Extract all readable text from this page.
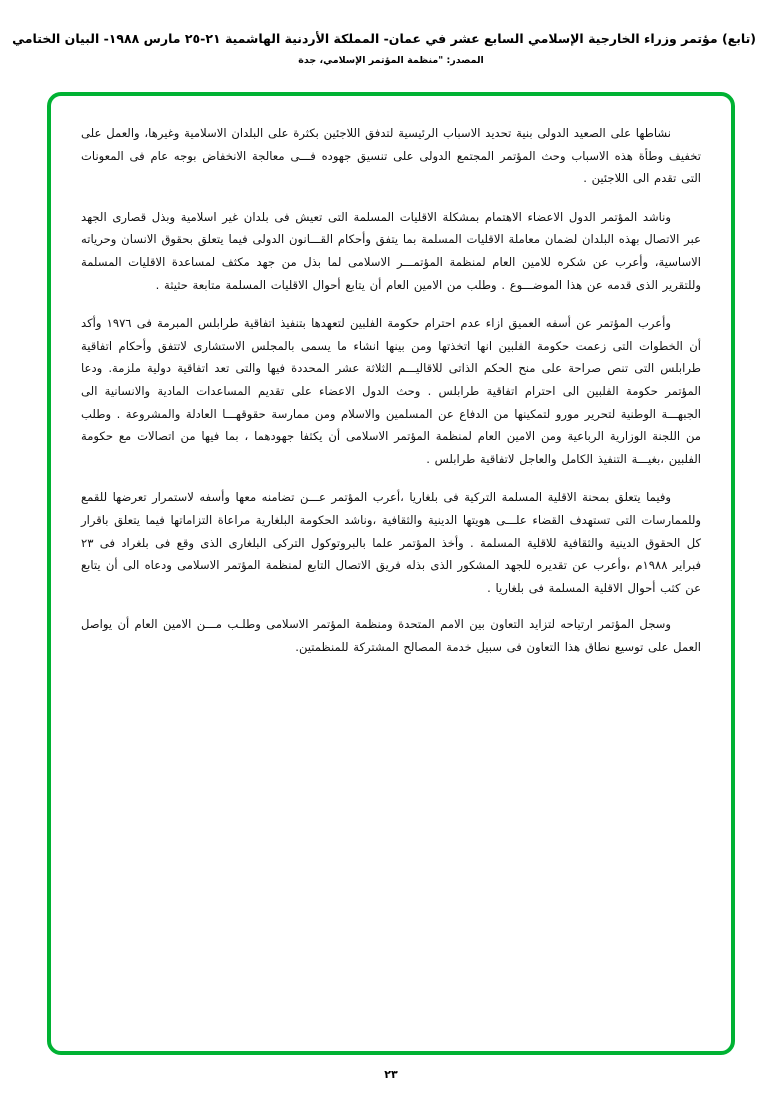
(تابع) مؤتمر وزراء الخارجية الإسلامي السابع عشر في عمان- المملكة الأردنية الهاشمية ٢١-٢٥ مارس ١٩٨٨- البيان الختامي
المصدر: "منظمة المؤتمر الإسلامي، جدة

نشاطها على الصعيد الدولى بنية تحديد الاسباب الرئيسية لتدفق اللاجئين بكثرة على البلدان الاسلامية وغيرها، والعمل على تخفيف وطأة هذه الاسباب وحث المؤتمر المجتمع الدولى على تنسيق جهوده فـــى معالجة الانخفاض بوجه عام فى المعونات التى تقدم الى اللاجئين .

وناشد المؤتمر الدول الاعضاء الاهتمام بمشكلة الاقليات المسلمة التى تعيش فى بلدان غير اسلامية وبذل قصارى الجهد عبر الاتصال بهذه البلدان لضمان معاملة الاقليات المسلمة بما يتفق وأحكام القـــانون الدولى فيما يتعلق بحقوق الانسان وحرياته الاساسية، وأعرب عن شكره للامين العام لمنظمة المؤتمـــر الاسلامى لما بذل من جهد مكثف لمساعدة الاقليات المسلمة وللتقرير الذى قدمه عن هذا الموضـــوع . وطلب من الامين العام أن يتابع أحوال الاقليات المسلمة متابعة حثيثة .

وأعرب المؤتمر عن أسفه العميق ازاء عدم احترام حكومة الفلبين لتعهدها بتنفيذ اتفاقية طرابلس المبرمة فى ١٩٧٦ وأكد أن الخطوات التى زعمت حكومة الفلبين انها اتخذتها ومن بينها انشاء ما يسمى بالمجلس الاستشارى لاتتفق وأحكام اتفاقية طرابلس التى تنص صراحة على منح الحكم الذاتى للاقاليـــم الثلاثة عشر المحددة فيها والتى تعد اتفاقية دولية ملزمة. ودعا المؤتمر حكومة الفلبين الى احترام اتفاقية طرابلس . وحث الدول الاعضاء على تقديم المساعدات المادية والانسانية الى الجبهـــة الوطنية لتحرير مورو لتمكينها من الدفاع عن المسلمين والاسلام ومن ممارسة حقوقهـــا العادلة والمشروعة . وطلب من اللجنة الوزارية الرباعية ومن الامين العام لمنظمة المؤتمر الاسلامى أن يكثفا جهودهما ، بما فيها من اتصالات مع حكومة الفلبين ،بغيـــة التنفيذ الكامل والعاجل لاتفاقية طرابلس .

وفيما يتعلق بمحنة الاقلية المسلمة التركية فى بلغاريا ،أعرب المؤتمر عـــن تضامنه معها وأسفه لاستمرار تعرضها للقمع وللممارسات التى تستهدف القضاء علـــى هويتها الدينية والثقافية ،وناشد الحكومة البلغارية مراعاة التزاماتها فيما يتعلق باقرار كل الحقوق الدينية والثقافية للاقلية المسلمة . وأخذ المؤتمر علما بالبروتوكول التركى البلغارى الذى وقع فى بلغراد فى ٢٣ فبراير ١٩٨٨م ،وأعرب عن تقديره للجهد المشكور الذى بذله فريق الاتصال التابع لمنظمة المؤتمر الاسلامى ودعاه الى أن يتابع عن كثب أحوال الاقلية المسلمة فى بلغاريا .

وسجل المؤتمر ارتياحه لتزايد التعاون بين الامم المتحدة ومنظمة المؤتمر الاسلامى وطلـب مـــن الامين العام أن يواصل العمل على توسيع نطاق هذا التعاون فى سبيل خدمة المصالح المشتركة للمنظمتين.

٢٣
